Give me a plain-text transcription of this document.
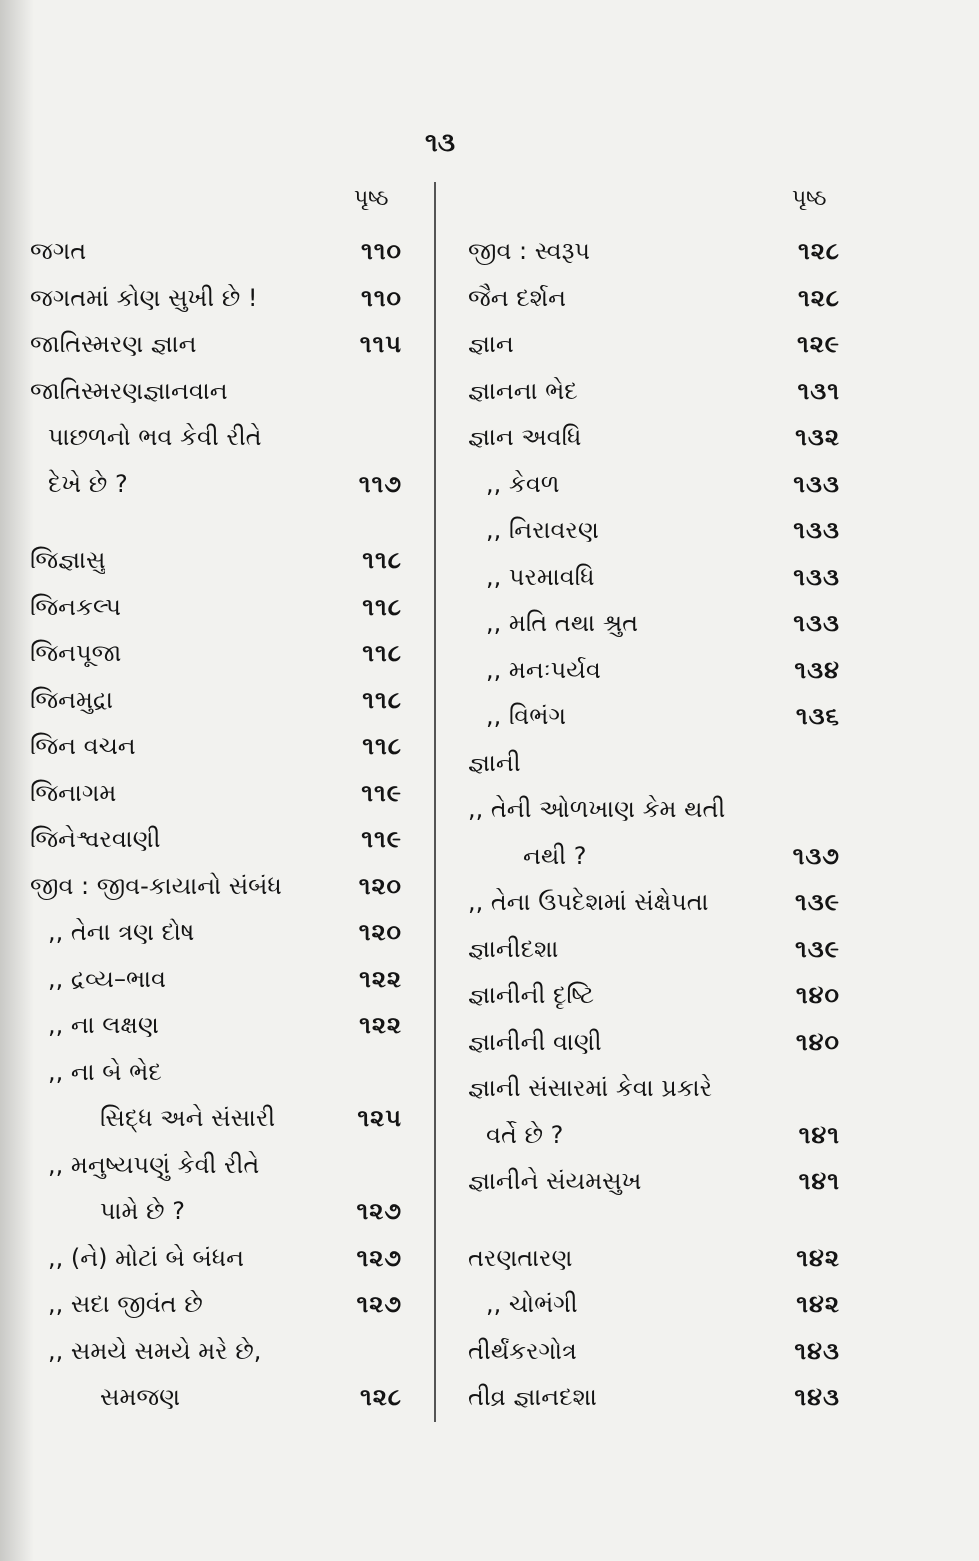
૧૩
પૃષ્ઠ	પૃષ્ઠ
જગત	૧૧૦
જગતમાં કોણ સુખી છે !	૧૧૦
જાતિસ્મરણ જ્ઞાન	૧૧૫
જાતિસ્મરણજ્ઞાનવાન
પાછળનો ભવ કેવી રીતે
દેખે છે ?	૧૧૭
જિજ્ઞાસુ	૧૧૮
જિનકલ્પ	૧૧૮
જિનપૂજા	૧૧૮
જિનમુદ્રા	૧૧૮
જિન વચન	૧૧૮
જિનાગમ	૧૧૯
જિનેશ્વરવાણી	૧૧૯
જીવ : જીવ-કાયાનો સંબંધ	૧૨૦
,, તેના ત્રણ દોષ	૧૨૦
,, દ્રવ્ય–ભાવ	૧૨૨
,, ના લક્ષણ	૧૨૨
,, ના બે ભેદ
સિદ્ધ અને સંસારી	૧૨૫
,, મનુષ્યપણું કેવી રીતે
પામે છે ?	૧૨૭
,, (ને) મોટાં બે બંધન	૧૨૭
,, સદા જીવંત છે	૧૨૭
,, સમયે સમયે મરે છે,
સમજણ	૧૨૮
જીવ : સ્વરૂપ	૧૨૮
જૈન દર્શન	૧૨૮
જ્ઞાન	૧૨૯
જ્ઞાનના ભેદ	૧૩૧
જ્ઞાન અવધિ	૧૩૨
,, કેવળ	૧૩૩
,, નિરાવરણ	૧૩૩
,, પરમાવધિ	૧૩૩
,, મતિ તથા શ્રુત	૧૩૩
,, મનઃપર્યવ	૧૩૪
,, વિભંગ	૧૩૬
જ્ઞાની
,, તેની ઓળખાણ કેમ થતી
નથી ?	૧૩૭
,, તેના ઉપદેશમાં સંક્ષેપતા	૧૩૯
જ્ઞાનીદશા	૧૩૯
જ્ઞાનીની દૃષ્ટિ	૧૪૦
જ્ઞાનીની વાણી	૧૪૦
જ્ઞાની સંસારમાં કેવા પ્રકારે
વર્તે છે ?	૧૪૧
જ્ઞાનીને સંયમસુખ	૧૪૧
તરણતારણ	૧૪૨
,, ચોભંગી	૧૪૨
તીર્થંકરગોત્ર	૧૪૩
તીવ્ર જ્ઞાનદશા	૧૪૩
